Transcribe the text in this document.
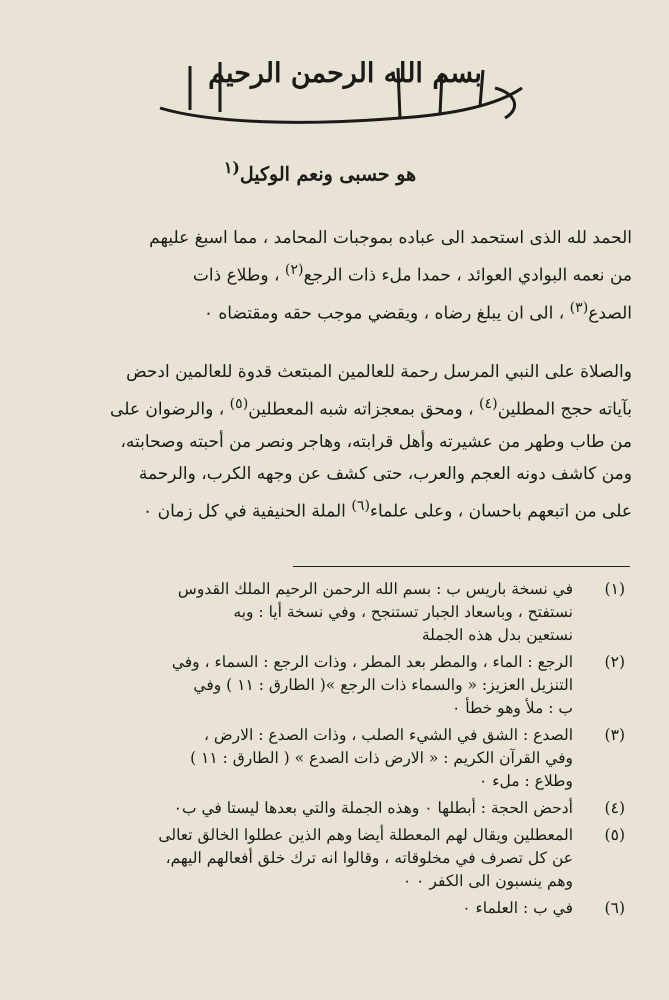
بسم الله الرحمن الرحيم
هو حسبى ونعم الوكيل$^{(١}$
الحمد لله الذى استحمد الى عباده بموجبات المحامد ، مما اسبغ عليهم
من نعمه البوادي العوائد ، حمدا ملء ذات الرجع$^{(٢)}$ ، وطلاع ذات
الصدع$^{(٣)}$ ، الى ان يبلغ رضاه ، ويقضي موجب حقه ومقتضاه ٠
والصلاة على النبي المرسل رحمة للعالمين المبتعث قدوة للعالمين ادحض
بآياته حجج المطلين$^{(٤)}$ ، ومحق بمعجزاته شبه المعطلين$^{(٥)}$ ، والرضوان على
من طاب وطهر من عشيرته وأهل قرابته، وهاجر ونصر من أحبته وصحابته،
ومن كاشف دونه العجم والعرب، حتى كشف عن وجهه الكرب، والرحمة
على من اتبعهم باحسان ، وعلى علماء$^{(٦)}$ الملة الحنيفية في كل زمان ٠
(١)
في نسخة باريس ب : بسم الله الرحمن الرحيم الملك القدوس
نستفتح ، وباسعاد الجبار تستنجح ، وفي نسخة أيا : وبه
نستعين بدل هذه الجملة
(٢)
الرجع : الماء ، والمطر بعد المطر ، وذات الرجع : السماء ، وفي
التنزيل العزيز: « والسماء ذات الرجع »( الطارق : ١١ ) وفي
ب : ملأ وهو خطأ ٠
(٣)
الصدع : الشق في الشيء الصلب ، وذات الصدع : الارض ،
وفي القرآن الكريم : « الارض ذات الصدع » ( الطارق : ١١ )
وطلاع : ملء ٠
(٤)
أدحض الحجة : أبطلها ٠ وهذه الجملة والتي بعدها ليستا في ب٠
(٥)
المعطلين ويقال لهم المعطلة أيضا وهم الذين عطلوا الخالق تعالى
عن كل تصرف في مخلوقاته ، وقالوا انه ترك خلق أفعالهم اليهم،
وهم ينسبون الى الكفر ٠ ٠
(٦)
في ب : العلماء ٠
